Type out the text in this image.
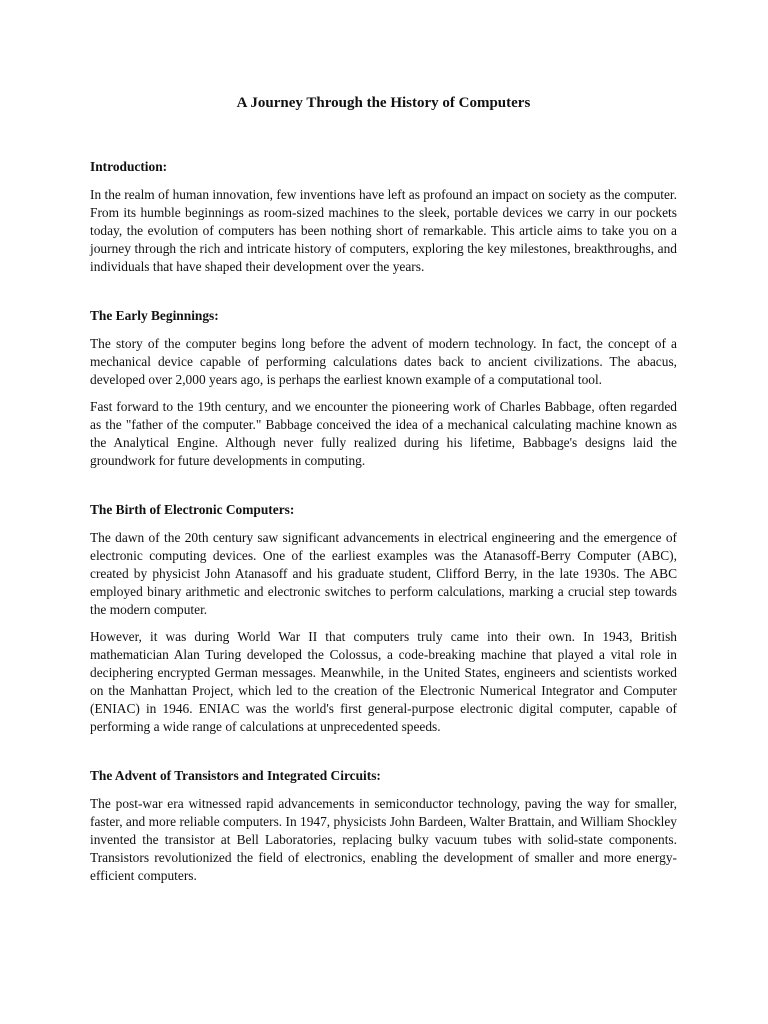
A Journey Through the History of Computers
Introduction:

In the realm of human innovation, few inventions have left as profound an impact on society as the computer. From its humble beginnings as room-sized machines to the sleek, portable devices we carry in our pockets today, the evolution of computers has been nothing short of remarkable. This article aims to take you on a journey through the rich and intricate history of computers, exploring the key milestones, breakthroughs, and individuals that have shaped their development over the years.

The Early Beginnings:

The story of the computer begins long before the advent of modern technology. In fact, the concept of a mechanical device capable of performing calculations dates back to ancient civilizations. The abacus, developed over 2,000 years ago, is perhaps the earliest known example of a computational tool.

Fast forward to the 19th century, and we encounter the pioneering work of Charles Babbage, often regarded as the "father of the computer." Babbage conceived the idea of a mechanical calculating machine known as the Analytical Engine. Although never fully realized during his lifetime, Babbage's designs laid the groundwork for future developments in computing.

The Birth of Electronic Computers:

The dawn of the 20th century saw significant advancements in electrical engineering and the emergence of electronic computing devices. One of the earliest examples was the Atanasoff-Berry Computer (ABC), created by physicist John Atanasoff and his graduate student, Clifford Berry, in the late 1930s. The ABC employed binary arithmetic and electronic switches to perform calculations, marking a crucial step towards the modern computer.

However, it was during World War II that computers truly came into their own. In 1943, British mathematician Alan Turing developed the Colossus, a code-breaking machine that played a vital role in deciphering encrypted German messages. Meanwhile, in the United States, engineers and scientists worked on the Manhattan Project, which led to the creation of the Electronic Numerical Integrator and Computer (ENIAC) in 1946. ENIAC was the world's first general-purpose electronic digital computer, capable of performing a wide range of calculations at unprecedented speeds.

The Advent of Transistors and Integrated Circuits:

The post-war era witnessed rapid advancements in semiconductor technology, paving the way for smaller, faster, and more reliable computers. In 1947, physicists John Bardeen, Walter Brattain, and William Shockley invented the transistor at Bell Laboratories, replacing bulky vacuum tubes with solid-state components. Transistors revolutionized the field of electronics, enabling the development of smaller and more energy-efficient computers.
